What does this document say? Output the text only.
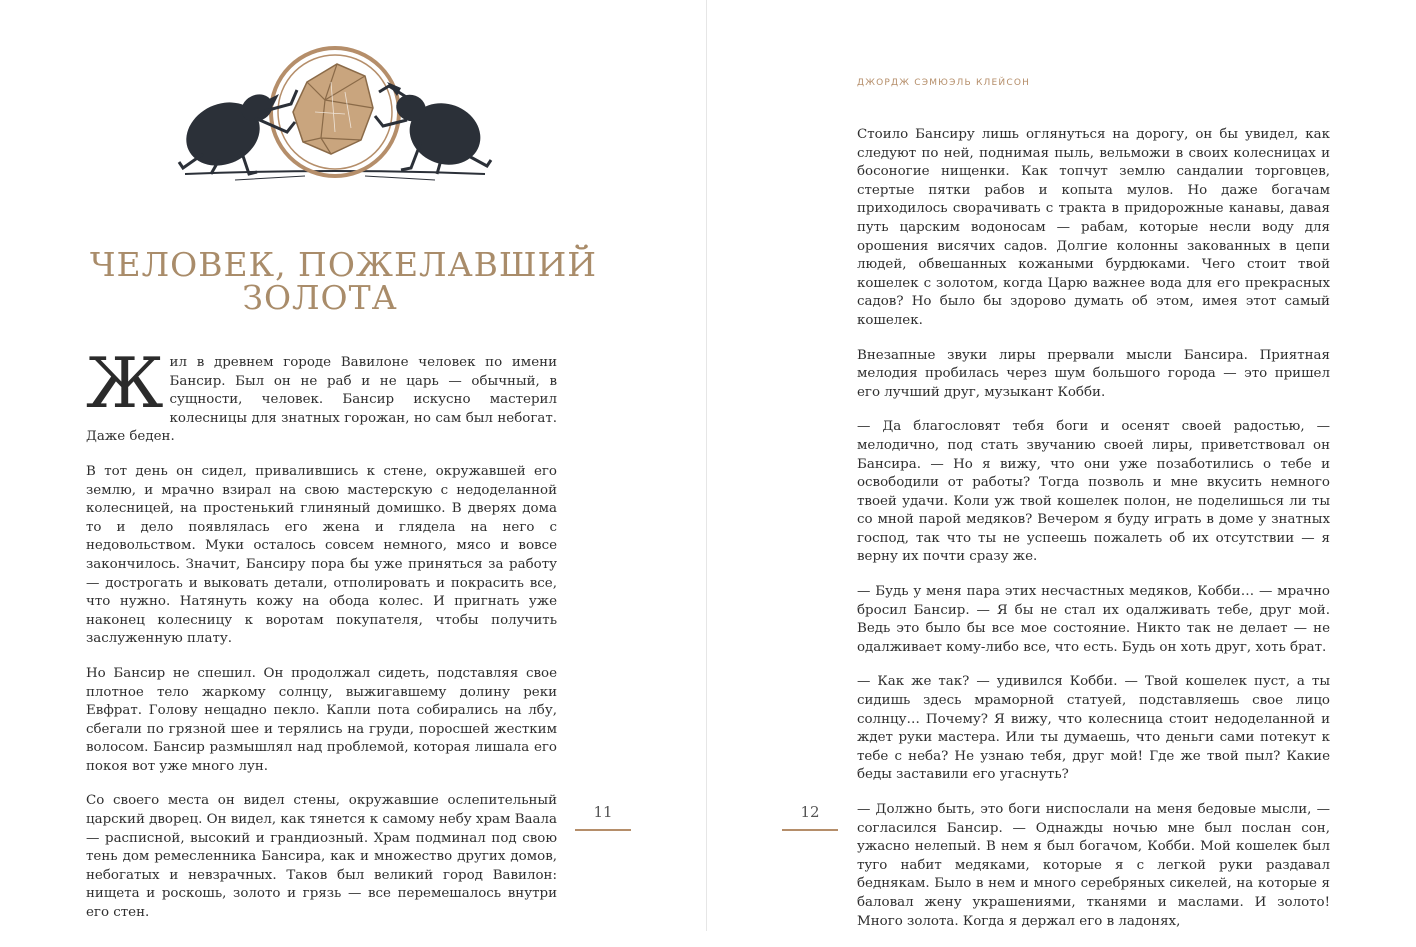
ЧЕЛОВЕК, ПОЖЕЛАВШИЙ
ЗОЛОТА

Жил в древнем городе Вавилоне человек по имени Бансир. Был он не раб и не царь — обычный, в сущности, человек. Бансир искусно мастерил колесницы для знатных горожан, но сам был небогат. Даже беден.

В тот день он сидел, привалившись к стене, окружавшей его землю, и мрачно взирал на свою мастерскую с недоделанной колесницей, на простенький глиняный домишко. В дверях дома то и дело появлялась его жена и глядела на него с недовольством. Муки осталось совсем немного, мясо и вовсе закончилось. Значит, Бансиру пора бы уже приняться за работу — дострогать и выковать детали, отполировать и покрасить все, что нужно. Натянуть кожу на обода колес. И пригнать уже наконец колесницу к воротам покупателя, чтобы получить заслуженную плату.

Но Бансир не спешил. Он продолжал сидеть, подставляя свое плотное тело жаркому солнцу, выжигавшему долину реки Евфрат. Голову нещадно пекло. Капли пота собирались на лбу, сбегали по грязной шее и терялись на груди, поросшей жестким волосом. Бансир размышлял над проблемой, которая лишала его покоя вот уже много лун.

Со своего места он видел стены, окружавшие ослепительный царский дворец. Он видел, как тянется к самому небу храм Ваала — расписной, высокий и грандиозный. Храм подминал под свою тень дом ремесленника Бансира, как и множество других домов, небогатых и невзрачных. Таков был великий город Вавилон: нищета и роскошь, золото и грязь — все перемешалось внутри его стен.

11
ДЖОРДЖ СЭМЮЭЛЬ КЛЕЙСОН

Стоило Бансиру лишь оглянуться на дорогу, он бы увидел, как следуют по ней, поднимая пыль, вельможи в своих колесницах и босоногие нищенки. Как топчут землю сандалии торговцев, стертые пятки рабов и копыта мулов. Но даже богачам приходилось сворачивать с тракта в придорожные канавы, давая путь царским водоносам — рабам, которые несли воду для орошения висячих садов. Долгие колонны закованных в цепи людей, обвешанных кожаными бурдюками. Чего стоит твой кошелек с золотом, когда Царю важнее вода для его прекрасных садов? Но было бы здорово думать об этом, имея этот самый кошелек.

Внезапные звуки лиры прервали мысли Бансира. Приятная мелодия пробилась через шум большого города — это пришел его лучший друг, музыкант Кобби.

— Да благословят тебя боги и осенят своей радостью, — мелодично, под стать звучанию своей лиры, приветствовал он Бансира. — Но я вижу, что они уже позаботились о тебе и освободили от работы? Тогда позволь и мне вкусить немного твоей удачи. Коли уж твой кошелек полон, не поделишься ли ты со мной парой медяков? Вечером я буду играть в доме у знатных господ, так что ты не успеешь пожалеть об их отсутствии — я верну их почти сразу же.

— Будь у меня пара этих несчастных медяков, Кобби… — мрачно бросил Бансир. — Я бы не стал их одалживать тебе, друг мой. Ведь это было бы все мое состояние. Никто так не делает — не одалживает кому-либо все, что есть. Будь он хоть друг, хоть брат.

— Как же так? — удивился Кобби. — Твой кошелек пуст, а ты сидишь здесь мраморной статуей, подставляешь свое лицо солнцу… Почему? Я вижу, что колесница стоит недоделанной и ждет руки мастера. Или ты думаешь, что деньги сами потекут к тебе с неба? Не узнаю тебя, друг мой! Где же твой пыл? Какие беды заставили его угаснуть?

— Должно быть, это боги ниспослали на меня бедовые мысли, — согласился Бансир. — Однажды ночью мне был послан сон, ужасно нелепый. В нем я был богачом, Кобби. Мой кошелек был туго набит медяками, которые я с легкой руки раздавал беднякам. Было в нем и много серебряных сикелей, на которые я баловал жену украшениями, тканями и маслами. И золото! Много золота. Когда я держал его в ладонях,

12
